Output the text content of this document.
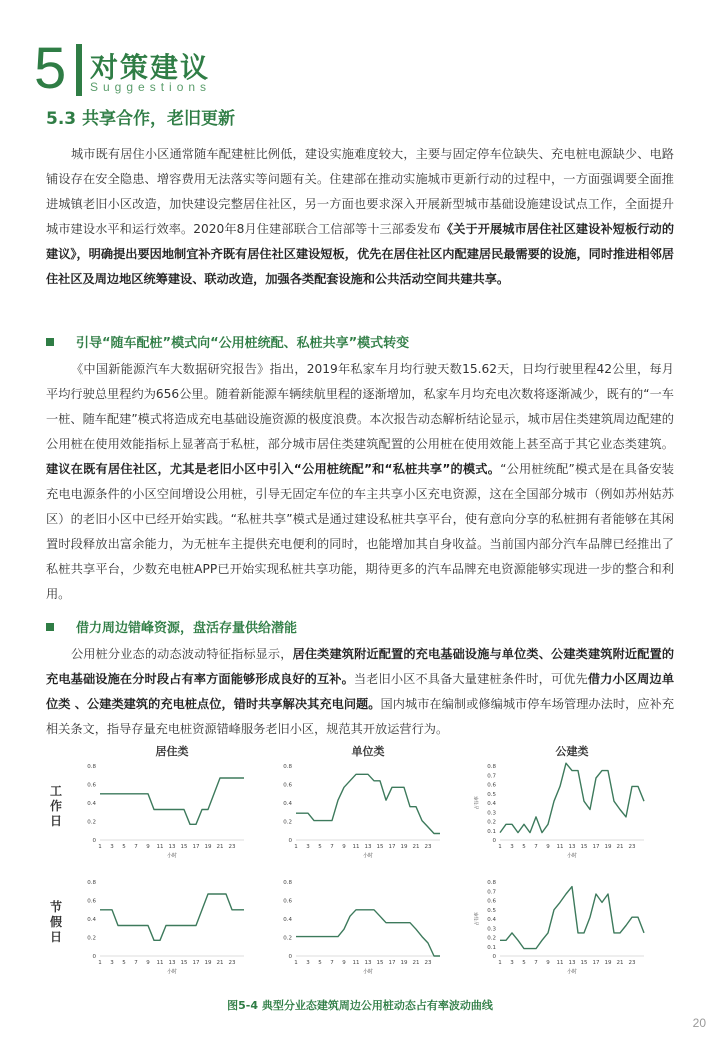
5 对策建议
Suggestions
5.3 共享合作，老旧更新
城市既有居住小区通常随车配建桩比例低，建设实施难度较大，主要与固定停车位缺失、充电桩电源缺少、电路铺设存在安全隐患、增容费用无法落实等问题有关。住建部在推动实施城市更新行动的过程中，一方面强调要全面推进城镇老旧小区改造，加快建设完整居住社区，另一方面也要求深入开展新型城市基础设施建设试点工作，全面提升城市建设水平和运行效率。2020年8月住建部联合工信部等十三部委发布《关于开展城市居住社区建设补短板行动的建议》，明确提出要因地制宜补齐既有居住社区建设短板，优先在居住社区内配建居民最需要的设施，同时推进相邻居住社区及周边地区统筹建设、联动改造，加强各类配套设施和公共活动空间共建共享。
引导“随车配桩”模式向“公用桩统配、私桩共享”模式转变
《中国新能源汽车大数据研究报告》指出，2019年私家车月均行驶天数15.62天，日均行驶里程42公里，每月平均行驶总里程约为656公里。随着新能源车辆续航里程的逐渐增加，私家车月均充电次数将逐渐减少，既有的“一车一桩、随车配建”模式将造成充电基础设施资源的极度浪费。本次报告动态解析结论显示，城市居住类建筑周边配建的公用桩在使用效能指标上显著高于私桩，部分城市居住类建筑配置的公用桩在使用效能上甚至高于其它业态类建筑。建议在既有居住社区，尤其是老旧小区中引入“公用桩统配”和“私桩共享”的模式。“公用桩统配”模式是在具备安装充电电源条件的小区空间增设公用桩，引导无固定车位的车主共享小区充电资源，这在全国部分城市（例如苏州姑苏区）的老旧小区中已经开始实践。“私桩共享”模式是通过建设私桩共享平台，使有意向分享的私桩拥有者能够在其闲置时段释放出富余能力，为无桩车主提供充电便利的同时，也能增加其自身收益。当前国内部分汽车品牌已经推出了私桩共享平台，少数充电桩APP已开始实现私桩共享功能，期待更多的汽车品牌充电资源能够实现进一步的整合和利用。
借力周边错峰资源，盘活存量供给潜能
公用桩分业态的动态波动特征指标显示，居住类建筑附近配置的充电基础设施与单位类、公建类建筑附近配置的充电基础设施在分时段占有率方面能够形成良好的互补。当老旧小区不具备大量建桩条件时，可优先借力小区周边单位类 、公建类建筑的充电桩点位，错时共享解决其充电问题。国内城市在编制或修编城市停车场管理办法时，应补充相关条文，指导存量充电桩资源错峰服务老旧小区，规范其开放运营行为。
工作日
节假日
居住类
0
0.2
0.4
0.6
0.8
1 3 5 7 9 11 13 15 17 19 21 23
小时
单位类
0
0.2
0.4
0.6
0.8
1 3 5 7 9 11 13 15 17 19 21 23
小时
公建类
0
0.1
0.2
0.3
0.4
0.5
0.6
0.7
0.8
1 3 5 7 9 11 13 15 17 19 21 23
小时
占有率
0
0.2
0.4
0.6
0.8
1 3 5 7 9 11 13 15 17 19 21 23
小时
0
0.2
0.4
0.6
0.8
1 3 5 7 9 11 13 15 17 19 21 23
小时
0
0.1
0.2
0.3
0.4
0.5
0.6
0.7
0.8
1 3 5 7 9 11 13 15 17 19 21 23
小时
占有率
图5-4 典型分业态建筑周边公用桩动态占有率波动曲线
20
